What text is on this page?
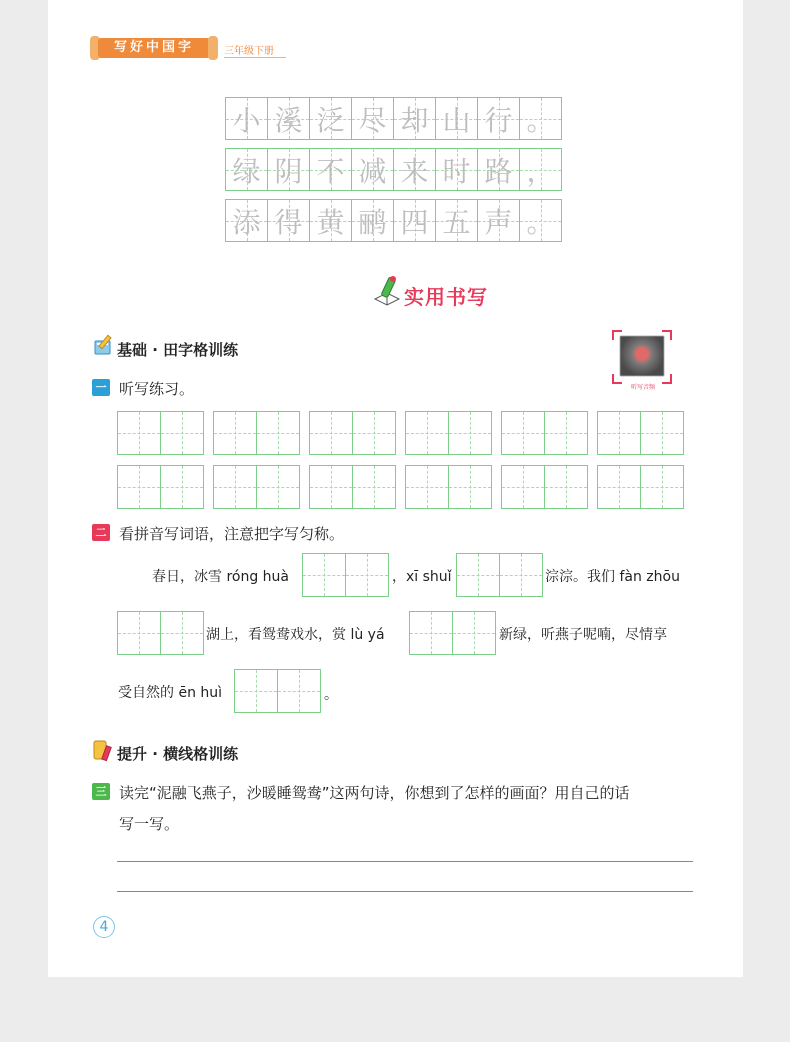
写好中国字	三年级下册
小 溪 泛 尽 却 山 行 。
绿 阴 不 减 来 时 路 ，
添 得 黄 鹂 四 五 声 。
实用书写
基础 · 田字格训练
听写音频
一 听写练习。
二 看拼音写词语，注意把字写匀称。
春日，冰雪 róng huà	，xī shuǐ	淙淙。我们 fàn zhōu
湖上，看鸳鸯戏水，赏 lù yá	新绿，听燕子呢喃，尽情享
受自然的 ēn huì	。
提升 · 横线格训练
三 读完“泥融飞燕子，沙暖睡鸳鸯”这两句诗，你想到了怎样的画面？用自己的话
写一写。
4
